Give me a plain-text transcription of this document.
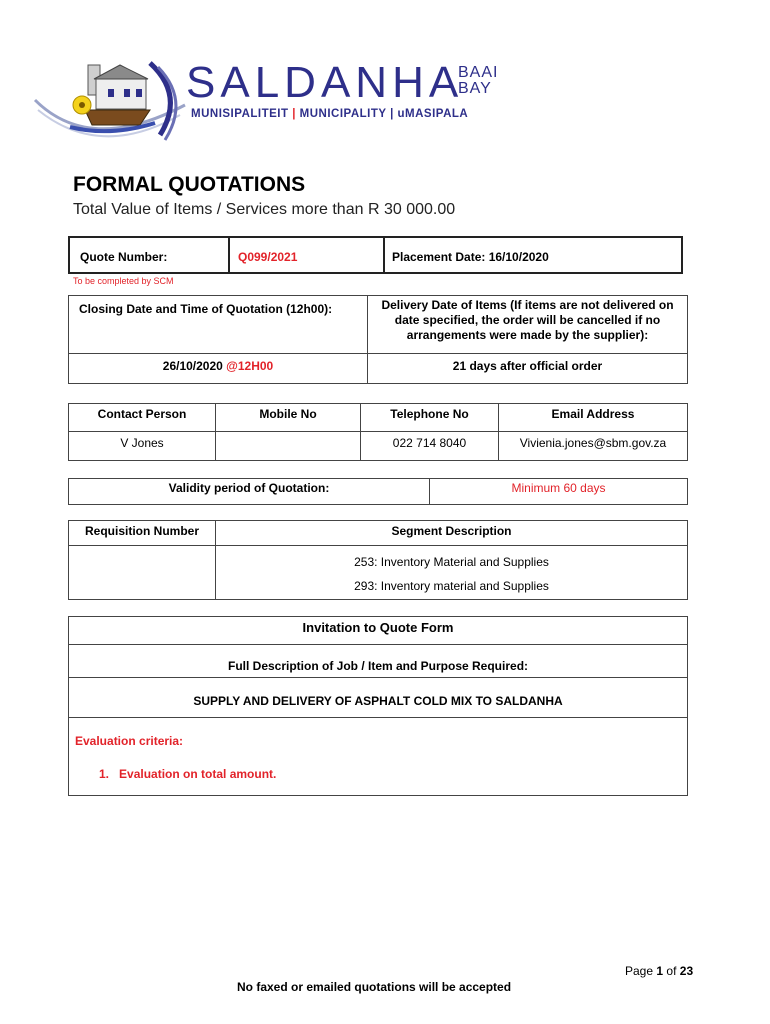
SALDANHA
BAAI
BAY
MUNISIPALITEIT | MUNICIPALITY | uMASIPALA
FORMAL QUOTATIONS
Total Value of Items / Services more than R 30 000.00
Quote Number:	Q099/2021	Placement Date: 16/10/2020
To be completed by SCM
Closing Date and Time of Quotation (12h00):	Delivery Date of Items (If items are not delivered on date specified, the order will be cancelled if no arrangements were made by the supplier):
26/10/2020 @12H00	21 days after official order
Contact Person	Mobile No	Telephone No	Email Address
V Jones		022 714 8040	Vivienia.jones@sbm.gov.za
Validity period of Quotation:	Minimum 60 days
Requisition Number	Segment Description

	253: Inventory Material and Supplies
293: Inventory material and Supplies
Invitation to Quote Form
Full Description of Job / Item and Purpose Required:
SUPPLY AND DELIVERY OF ASPHALT COLD MIX TO SALDANHA

Evaluation criteria:
1. Evaluation on total amount.
Page 1 of 23
No faxed or emailed quotations will be accepted
